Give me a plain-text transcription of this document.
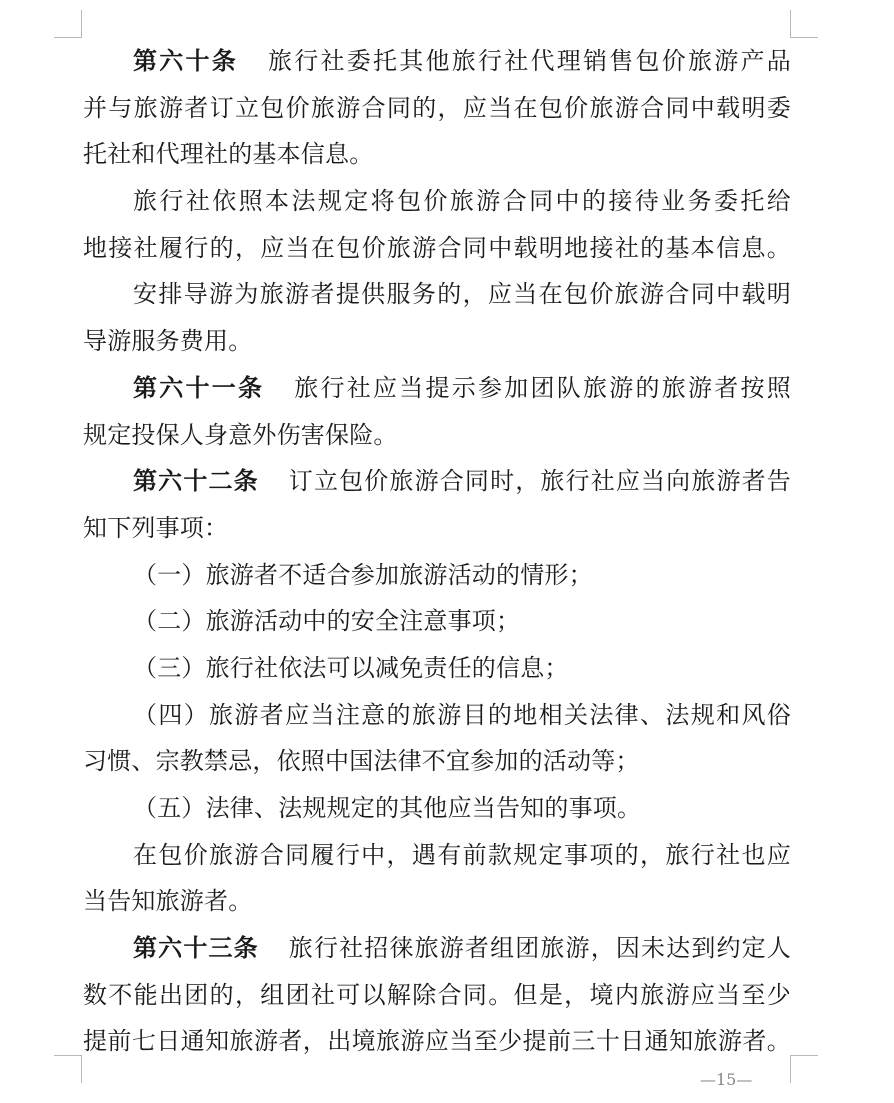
第六十条 旅行社委托其他旅行社代理销售包价旅游产品
并与旅游者订立包价旅游合同的，应当在包价旅游合同中载明委
托社和代理社的基本信息。
旅行社依照本法规定将包价旅游合同中的接待业务委托给
地接社履行的，应当在包价旅游合同中载明地接社的基本信息。
安排导游为旅游者提供服务的，应当在包价旅游合同中载明
导游服务费用。
第六十一条 旅行社应当提示参加团队旅游的旅游者按照
规定投保人身意外伤害保险。
第六十二条 订立包价旅游合同时，旅行社应当向旅游者告
知下列事项：
（一）旅游者不适合参加旅游活动的情形；
（二）旅游活动中的安全注意事项；
（三）旅行社依法可以减免责任的信息；
（四）旅游者应当注意的旅游目的地相关法律、法规和风俗
习惯、宗教禁忌，依照中国法律不宜参加的活动等；
（五）法律、法规规定的其他应当告知的事项。
在包价旅游合同履行中，遇有前款规定事项的，旅行社也应
当告知旅游者。
第六十三条 旅行社招徕旅游者组团旅游，因未达到约定人
数不能出团的，组团社可以解除合同。但是，境内旅游应当至少
提前七日通知旅游者，出境旅游应当至少提前三十日通知旅游者。
—15—
